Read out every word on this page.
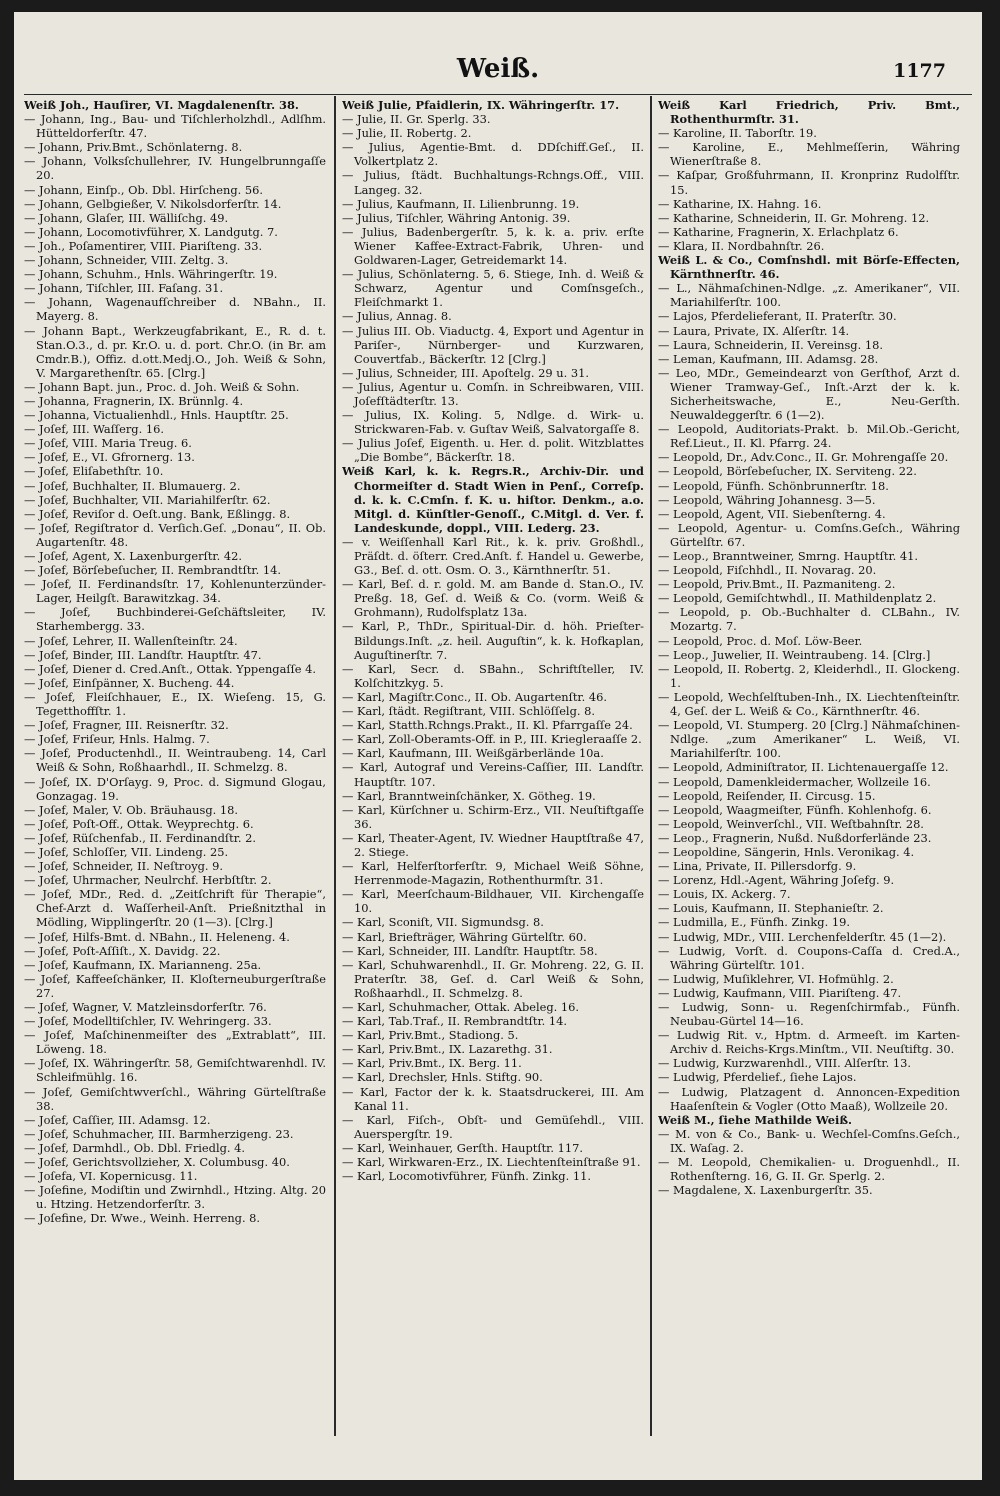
Weiß.	1177

Weiß Joh., Hauſirer, VI. Magdalenenſtr. 38.

— Johann, Ing., Bau- und Tiſchlerholzhdl., Adlſhm. Hütteldorferſtr. 47.

— Johann, Priv.Bmt., Schönlaterng. 8.

— Johann, Volksſchullehrer, IV. Hungelbrunngaſſe 20.

— Johann, Einſp., Ob. Dbl. Hirſcheng. 56.

— Johann, Gelbgießer, V. Nikolsdorferſtr. 14.

— Johann, Glaſer, III. Wälliſchg. 49.

— Johann, Locomotivführer, X. Landgutg. 7.

— Joh., Poſamentirer, VIII. Piariſteng. 33.

— Johann, Schneider, VIII. Zeltg. 3.

— Johann, Schuhm., Hnls. Währingerſtr. 19.

— Johann, Tiſchler, III. Faſang. 31.

— Johann, Wagenaufſchreiber d. NBahn., II. Mayerg. 8.

— Johann Bapt., Werkzeugfabrikant, E., R. d. t. Stan.O.3., d. pr. Kr.O. u. d. port. Chr.O. (in Br. am Cmdr.B.), Offiz. d.ott.Medj.O., Joh. Weiß & Sohn, V. Margarethenſtr. 65. [Clrg.]

— Johann Bapt. jun., Proc. d. Joh. Weiß & Sohn.

— Johanna, Fragnerin, IX. Brünnlg. 4.

— Johanna, Victualienhdl., Hnls. Hauptſtr. 25.

— Joſef, III. Waſſerg. 16.

— Joſef, VIII. Maria Treug. 6.

— Joſef, E., VI. Gfrornerg. 13.

— Joſef, Eliſabethſtr. 10.

— Joſef, Buchhalter, II. Blumauerg. 2.

— Joſef, Buchhalter, VII. Mariahilferſtr. 62.

— Joſef, Reviſor d. Oeſt.ung. Bank, Eßlingg. 8.

— Joſef, Regiſtrator d. Verſich.Geſ. „Donau“, II. Ob. Augartenſtr. 48.

— Joſef, Agent, X. Laxenburgerſtr. 42.

— Joſef, Börſebeſucher, II. Rembrandtſtr. 14.

— Joſef, II. Ferdinandsſtr. 17, Kohlenunterzünder-Lager, Heilgſt. Barawitzkag. 34.

— Joſef, Buchbinderei-Geſchäftsleiter, IV. Starhembergg. 33.

— Joſef, Lehrer, II. Wallenſteinſtr. 24.

— Joſef, Binder, III. Landſtr. Hauptſtr. 47.

— Joſef, Diener d. Cred.Anſt., Ottak. Yppengaſſe 4.

— Joſef, Einſpänner, X. Bucheng. 44.

— Joſef, Fleiſchhauer, E., IX. Wieſeng. 15, G. Tegetthoffſtr. 1.

— Joſef, Fragner, III. Reisnerſtr. 32.

— Joſef, Friſeur, Hnls. Halmg. 7.

— Joſef, Productenhdl., II. Weintraubeng. 14, Carl Weiß & Sohn, Roßhaarhdl., II. Schmelzg. 8.

— Joſef, IX. D'Orſayg. 9, Proc. d. Sigmund Glogau, Gonzagag. 19.

— Joſef, Maler, V. Ob. Bräuhausg. 18.

— Joſef, Poſt-Off., Ottak. Weyprechtg. 6.

— Joſef, Rüſchenfab., II. Ferdinandſtr. 2.

— Joſef, Schloſſer, VII. Lindeng. 25.

— Joſef, Schneider, II. Neſtroyg. 9.

— Joſef, Uhrmacher, Neulrchf. Herbſtſtr. 2.

— Joſef, MDr., Red. d. „Zeitſchrift für Therapie“, Chef-Arzt d. Waſſerheil-Anſt. Prießnitzthal in Mödling, Wipplingerſtr. 20 (1—3). [Clrg.]

— Joſef, Hilfs-Bmt. d. NBahn., II. Heleneng. 4.

— Joſef, Poſt-Aſſiſt., X. Davidg. 22.

— Joſef, Kaufmann, IX. Marianneng. 25a.

— Joſef, Kaffeeſchänker, II. Kloſterneuburgerſtraße 27.

— Joſef, Wagner, V. Matzleinsdorferſtr. 76.

— Joſef, Modelltiſchler, IV. Wehringerg. 33.

— Joſef, Maſchinenmeiſter des „Extrablatt“, III. Löweng. 18.

— Joſef, IX. Währingerſtr. 58, Gemiſchtwarenhdl. IV. Schleifmühlg. 16.

— Joſef, Gemiſchtwverſchl., Währing Gürtelſtraße 38.

— Joſef, Caſſier, III. Adamsg. 12.

— Joſef, Schuhmacher, III. Barmherzigeng. 23.

— Joſef, Darmhdl., Ob. Dbl. Friedlg. 4.

— Joſef, Gerichtsvollzieher, X. Columbusg. 40.

— Joſefa, VI. Kopernicusg. 11.

— Joſefine, Modiſtin und Zwirnhdl., Htzing. Altg. 20 u. Htzing. Hetzendorferſtr. 3.

— Joſefine, Dr. Wwe., Weinh. Herreng. 8.

Weiß Julie, Pfaidlerin, IX. Währingerſtr. 17.

— Julie, II. Gr. Sperlg. 33.

— Julie, II. Robertg. 2.

— Julius, Agentie-Bmt. d. DDſchiff.Geſ., II. Volkertplatz 2.

— Julius, ſtädt. Buchhaltungs-Rchngs.Off., VIII. Langeg. 32.

— Julius, Kaufmann, II. Lilienbrunng. 19.

— Julius, Tiſchler, Währing Antonig. 39.

— Julius, Badenbergerſtr. 5, k. k. a. priv. erſte Wiener Kaffee-Extract-Fabrik, Uhren- und Goldwaren-Lager, Getreidemarkt 14.

— Julius, Schönlaterng. 5, 6. Stiege, Inh. d. Weiß & Schwarz, Agentur und Comſnsgeſch., Fleiſchmarkt 1.

— Julius, Annag. 8.

— Julius III. Ob. Viaductg. 4, Export und Agentur in Pariſer-, Nürnberger- und Kurzwaren, Couvertfab., Bäckerſtr. 12 [Clrg.]

— Julius, Schneider, III. Apoſtelg. 29 u. 31.

— Julius, Agentur u. Comſn. in Schreibwaren, VIII. Joſefſtädterſtr. 13.

— Julius, IX. Koling. 5, Ndlge. d. Wirk- u. Strickwaren-Fab. v. Guſtav Weiß, Salvatorgaſſe 8.

— Julius Joſef, Eigenth. u. Her. d. polit. Witzblattes „Die Bombe“, Bäckerſtr. 18.

Weiß Karl, k. k. Regrs.R., Archiv-Dir. und Chormeiſter d. Stadt Wien in Penſ., Correſp. d. k. k. C.Cmſn. f. K. u. hiſtor. Denkm., a.o. Mitgl. d. Künſtler-Genoſſ., C.Mitgl. d. Ver. f. Landeskunde, doppl., VIII. Lederg. 23.

— v. Weiſſenhall Karl Rit., k. k. priv. Großhdl., Präſdt. d. öſterr. Cred.Anſt. f. Handel u. Gewerbe, G3., Beſ. d. ott. Osm. O. 3., Kärnthnerſtr. 51.

— Karl, Beſ. d. r. gold. M. am Bande d. Stan.O., IV. Preßg. 18, Geſ. d. Weiß & Co. (vorm. Weiß & Grohmann), Rudolfsplatz 13a.

— Karl, P., ThDr., Spiritual-Dir. d. höh. Prieſter-Bildungs.Inſt. „z. heil. Auguſtin“, k. k. Hofkaplan, Auguſtinerſtr. 7.

— Karl, Secr. d. SBahn., Schriftſteller, IV. Kolſchitzkyg. 5.

— Karl, Magiſtr.Conc., II. Ob. Augartenſtr. 46.

— Karl, ſtädt. Regiſtrant, VIII. Schlöſſelg. 8.

— Karl, Statth.Rchngs.Prakt., II. Kl. Pfarrgaſſe 24.

— Karl, Zoll-Oberamts-Off. in P., III. Kriegleraaſſe 2.

— Karl, Kaufmann, III. Weißgärberlände 10a.

— Karl, Autograf und Vereins-Caſſier, III. Landſtr. Hauptſtr. 107.

— Karl, Branntweinſchänker, X. Götheg. 19.

— Karl, Kürſchner u. Schirm-Erz., VII. Neuſtiftgaſſe 36.

— Karl, Theater-Agent, IV. Wiedner Hauptſtraße 47, 2. Stiege.

— Karl, Helferſtorferſtr. 9, Michael Weiß Söhne, Herrenmode-Magazin, Rothenthurmſtr. 31.

— Karl, Meerſchaum-Bildhauer, VII. Kirchengaſſe 10.

— Karl, Sconiſt, VII. Sigmundsg. 8.

— Karl, Briefträger, Währing Gürtelſtr. 60.

— Karl, Schneider, III. Landſtr. Hauptſtr. 58.

— Karl, Schuhwarenhdl., II. Gr. Mohreng. 22, G. II. Praterſtr. 38, Geſ. d. Carl Weiß & Sohn, Roßhaarhdl., II. Schmelzg. 8.

— Karl, Schuhmacher, Ottak. Abeleg. 16.

— Karl, Tab.Traf., II. Rembrandtſtr. 14.

— Karl, Priv.Bmt., Stadiong. 5.

— Karl, Priv.Bmt., IX. Lazarethg. 31.

— Karl, Priv.Bmt., IX. Berg. 11.

— Karl, Drechsler, Hnls. Stiftg. 90.

— Karl, Factor der k. k. Staatsdruckerei, III. Am Kanal 11.

— Karl, Fiſch-, Obſt- und Gemüſehdl., VIII. Auerspergſtr. 19.

— Karl, Weinhauer, Gerſth. Hauptſtr. 117.

— Karl, Wirkwaren-Erz., IX. Liechtenſteinſtraße 91.

— Karl, Locomotivführer, Fünfh. Zinkg. 11.

Weiß Karl Friedrich, Priv. Bmt., Rothenthurmſtr. 31.

— Karoline, II. Taborſtr. 19.

— Karoline, E., Mehlmeſſerin, Währing Wienerſtraße 8.

— Kaſpar, Großfuhrmann, II. Kronprinz Rudolfſtr. 15.

— Katharine, IX. Hahng. 16.

— Katharine, Schneiderin, II. Gr. Mohreng. 12.

— Katharine, Fragnerin, X. Erlachplatz 6.

— Klara, II. Nordbahnſtr. 26.

Weiß L. & Co., Comſnshdl. mit Börſe-Effecten, Kärnthnerſtr. 46.

— L., Nähmaſchinen-Ndlge. „z. Amerikaner“, VII. Mariahilferſtr. 100.

— Lajos, Pferdelieferant, II. Praterſtr. 30.

— Laura, Private, IX. Alſerſtr. 14.

— Laura, Schneiderin, II. Vereinsg. 18.

— Leman, Kaufmann, III. Adamsg. 28.

— Leo, MDr., Gemeindearzt von Gerſthof, Arzt d. Wiener Tramway-Geſ., Inſt.-Arzt der k. k. Sicherheitswache, E., Neu-Gerſth. Neuwaldeggerſtr. 6 (1—2).

— Leopold, Auditoriats-Prakt. b. Mil.Ob.-Gericht, Ref.Lieut., II. Kl. Pfarrg. 24.

— Leopold, Dr., Adv.Conc., II. Gr. Mohrengaſſe 20.

— Leopold, Börſebeſucher, IX. Serviteng. 22.

— Leopold, Fünfh. Schönbrunnerſtr. 18.

— Leopold, Währing Johannesg. 3—5.

— Leopold, Agent, VII. Siebenſterng. 4.

— Leopold, Agentur- u. Comſns.Geſch., Währing Gürtelſtr. 67.

— Leop., Branntweiner, Smrng. Hauptſtr. 41.

— Leopold, Fiſchhdl., II. Novarag. 20.

— Leopold, Priv.Bmt., II. Pazmaniteng. 2.

— Leopold, Gemiſchtwhdl., II. Mathildenplatz 2.

— Leopold, p. Ob.-Buchhalter d. CLBahn., IV. Mozartg. 7.

— Leopold, Proc. d. Moſ. Löw-Beer.

— Leop., Juwelier, II. Weintraubeng. 14. [Clrg.]

— Leopold, II. Robertg. 2, Kleiderhdl., II. Glockeng. 1.

— Leopold, Wechſelſtuben-Inh., IX. Liechtenſteinſtr. 4, Geſ. der L. Weiß & Co., Kärnthnerſtr. 46.

— Leopold, VI. Stumperg. 20 [Clrg.] Nähmaſchinen-Ndlge. „zum Amerikaner“ L. Weiß, VI. Mariahilferſtr. 100.

— Leopold, Adminiſtrator, II. Lichtenauergaſſe 12.

— Leopold, Damenkleidermacher, Wollzeile 16.

— Leopold, Reiſender, II. Circusg. 15.

— Leopold, Waagmeiſter, Fünfh. Kohlenhofg. 6.

— Leopold, Weinverſchl., VII. Weſtbahnſtr. 28.

— Leop., Fragnerin, Nußd. Nußdorferlände 23.

— Leopoldine, Sängerin, Hnls. Veronikag. 4.

— Lina, Private, II. Pillersdorfg. 9.

— Lorenz, Hdl.-Agent, Währing Joſefg. 9.

— Louis, IX. Ackerg. 7.

— Louis, Kaufmann, II. Stephanieſtr. 2.

— Ludmilla, E., Fünfh. Zinkg. 19.

— Ludwig, MDr., VIII. Lerchenfelderſtr. 45 (1—2).

— Ludwig, Vorſt. d. Coupons-Caſſa d. Cred.A., Währing Gürtelſtr. 101.

— Ludwig, Muſiklehrer, VI. Hofmühlg. 2.

— Ludwig, Kaufmann, VIII. Piariſteng. 47.

— Ludwig, Sonn- u. Regenſchirmfab., Fünfh. Neubau-Gürtel 14—16.

— Ludwig Rit. v., Hptm. d. Armeeſt. im Karten-Archiv d. Reichs-Krgs.Minſtm., VII. Neuſtiftg. 30.

— Ludwig, Kurzwarenhdl., VIII. Alſerſtr. 13.

— Ludwig, Pferdelief., ſiehe Lajos.

— Ludwig, Platzagent d. Annoncen-Expedition Haaſenſtein & Vogler (Otto Maaß), Wollzeile 20.

Weiß M., ſiehe Mathilde Weiß.

— M. von & Co., Bank- u. Wechſel-Comſns.Geſch., IX. Waſag. 2.

— M. Leopold, Chemikalien- u. Droguenhdl., II. Rothenſterng. 16, G. II. Gr. Sperlg. 2.

— Magdalene, X. Laxenburgerſtr. 35.
